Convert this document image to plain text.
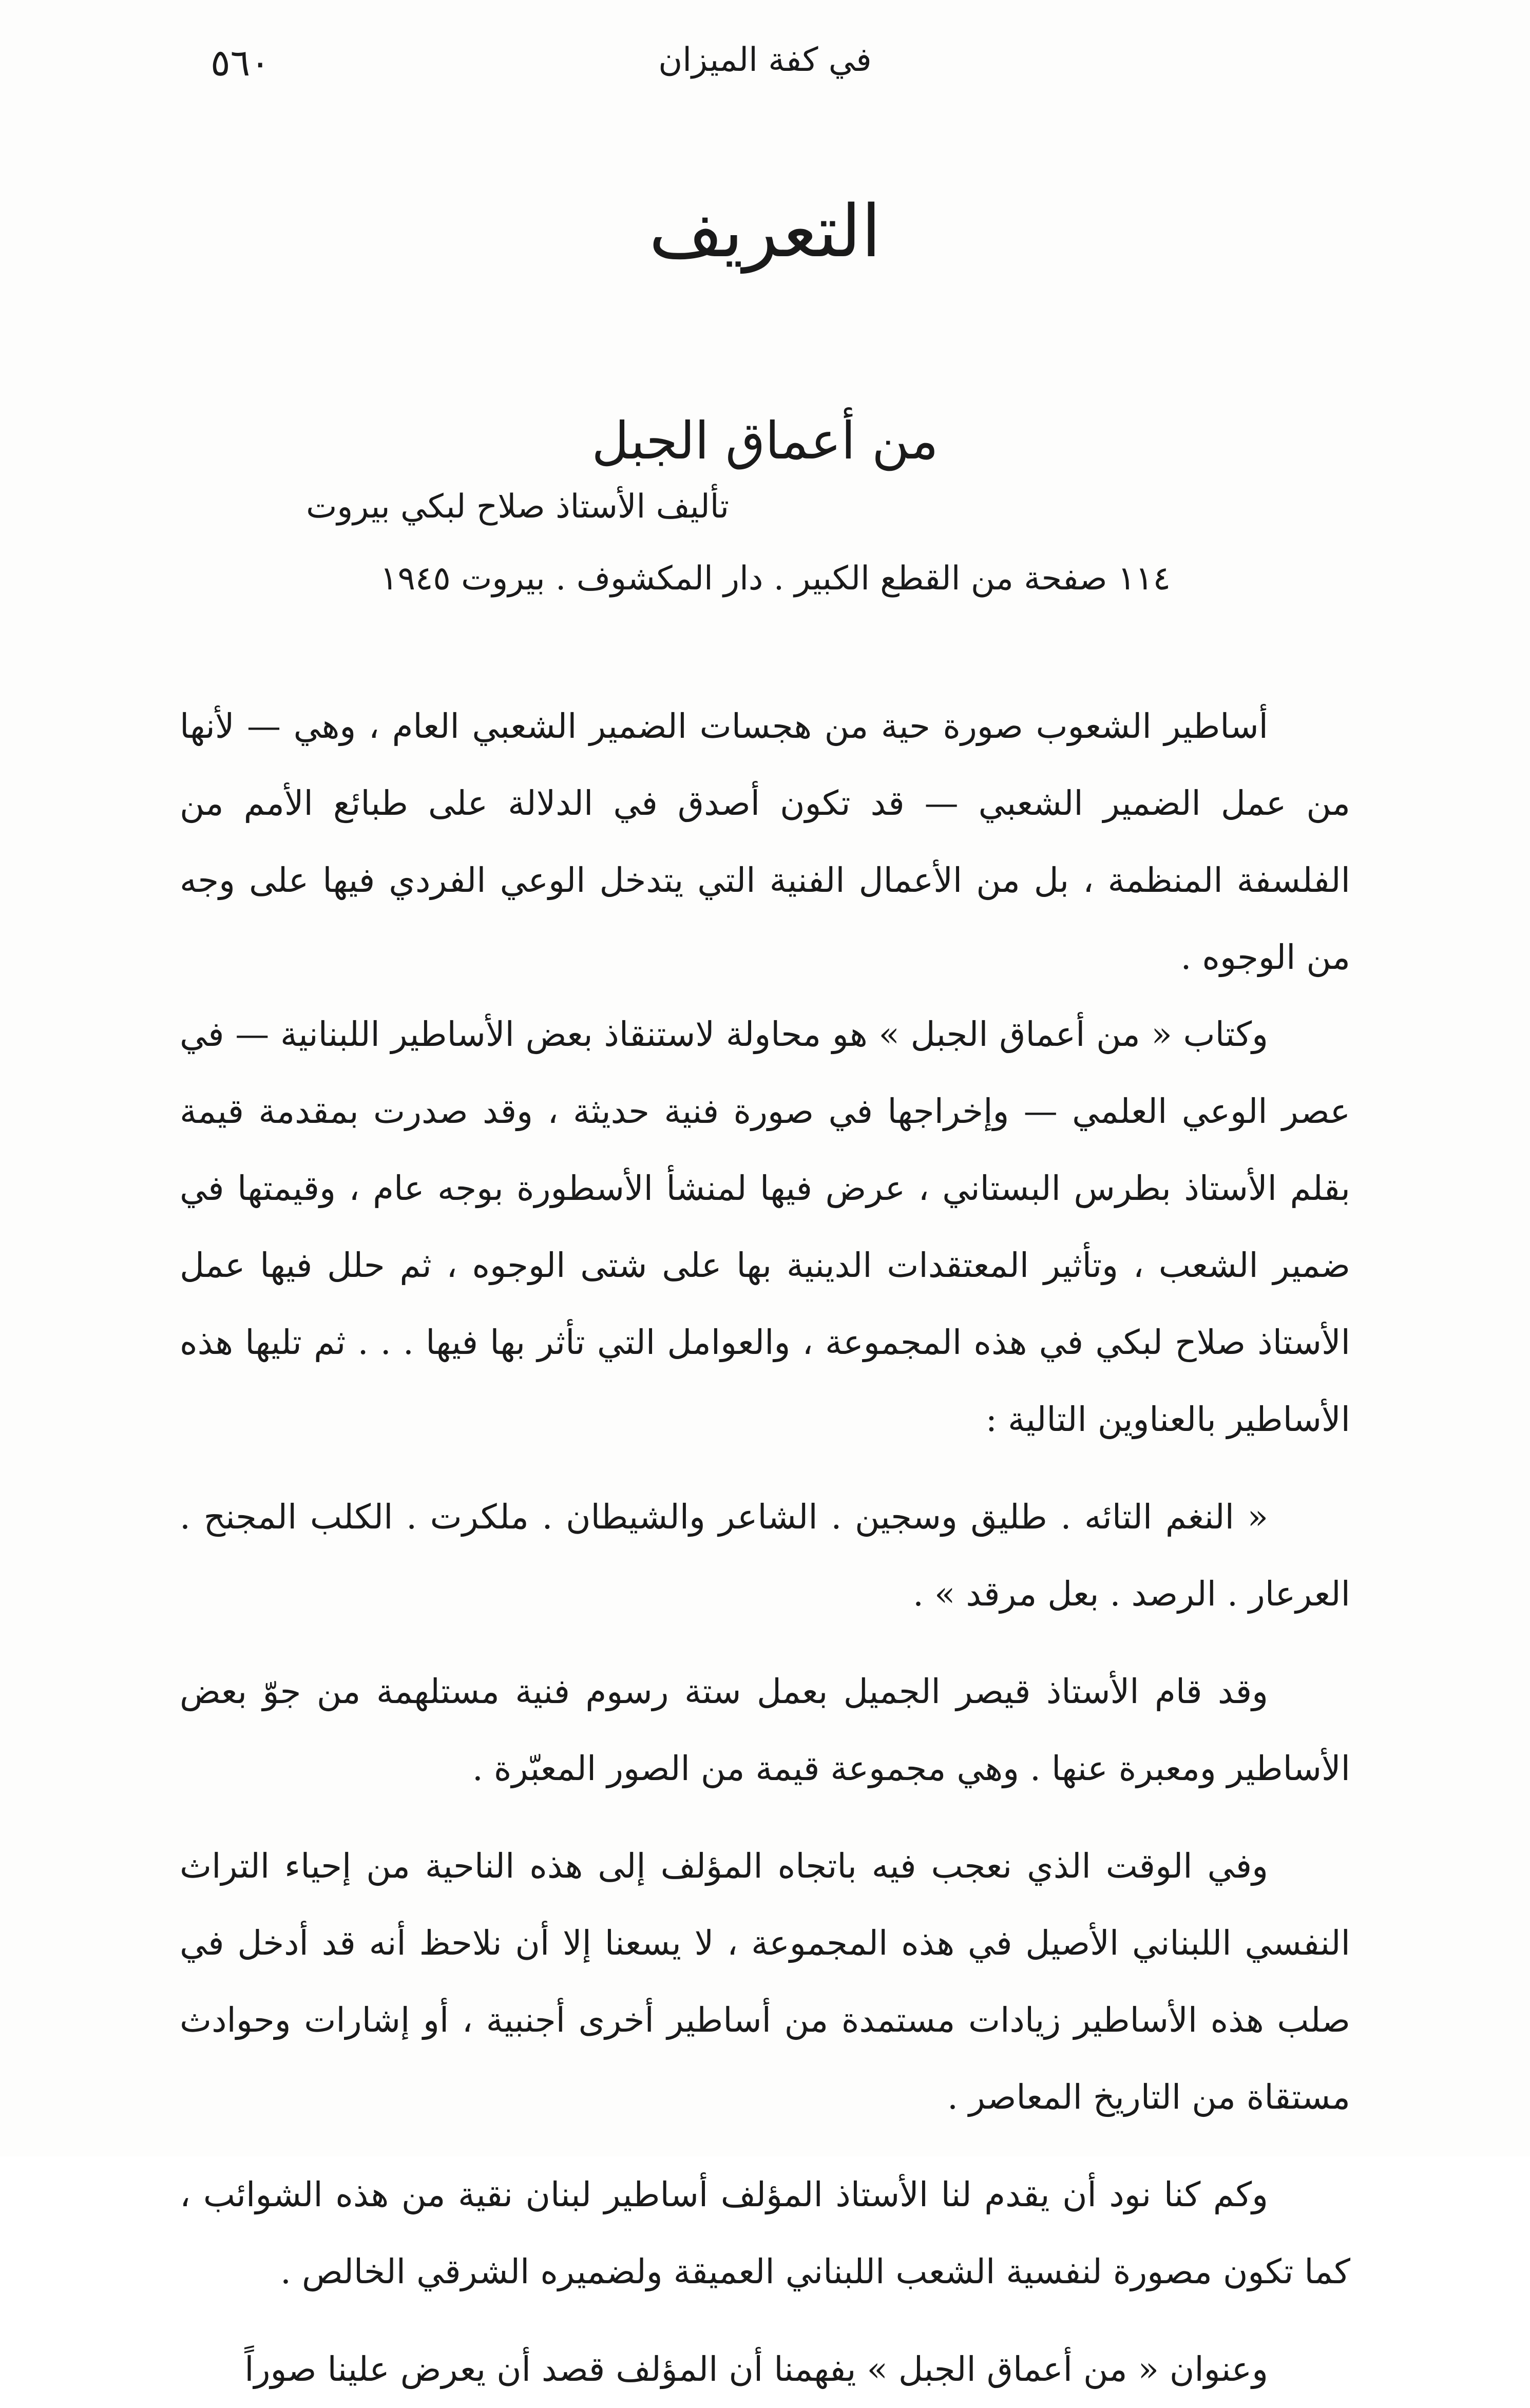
٥٦٠	في كفة الميزان
التعريف
من أعماق الجبل
تأليف الأستاذ صلاح لبكي بيروت
١١٤ صفحة من القطع الكبير . دار المكشوف . بيروت ١٩٤٥

أساطير الشعوب صورة حية من هجسات الضمير الشعبي العام ، وهي — لأنها من عمل الضمير الشعبي — قد تكون أصدق في الدلالة على طبائع الأمم من الفلسفة المنظمة ، بل من الأعمال الفنية التي يتدخل الوعي الفردي فيها على وجه من الوجوه .

وكتاب « من أعماق الجبل » هو محاولة لاستنقاذ بعض الأساطير اللبنانية — في عصر الوعي العلمي — وإخراجها في صورة فنية حديثة ، وقد صدرت بمقدمة قيمة بقلم الأستاذ بطرس البستاني ، عرض فيها لمنشأ الأسطورة بوجه عام ، وقيمتها في ضمير الشعب ، وتأثير المعتقدات الدينية بها على شتى الوجوه ، ثم حلل فيها عمل الأستاذ صلاح لبكي في هذه المجموعة ، والعوامل التي تأثر بها فيها . . . ثم تليها هذه الأساطير بالعناوين التالية :

« النغم التائه . طليق وسجين . الشاعر والشيطان . ملكرت . الكلب المجنح . العرعار . الرصد . بعل مرقد » .

وقد قام الأستاذ قيصر الجميل بعمل ستة رسوم فنية مستلهمة من جوّ بعض الأساطير ومعبرة عنها . وهي مجموعة قيمة من الصور المعبّرة .

وفي الوقت الذي نعجب فيه باتجاه المؤلف إلى هذه الناحية من إحياء التراث النفسي اللبناني الأصيل في هذه المجموعة ، لا يسعنا إلا أن نلاحظ أنه قد أدخل في صلب هذه الأساطير زيادات مستمدة من أساطير أخرى أجنبية ، أو إشارات وحوادث مستقاة من التاريخ المعاصر .

وكم كنا نود أن يقدم لنا الأستاذ المؤلف أساطير لبنان نقية من هذه الشوائب ، كما تكون مصورة لنفسية الشعب اللبناني العميقة ولضميره الشرقي الخالص .

وعنوان « من أعماق الجبل » يفهمنا أن المؤلف قصد أن يعرض علينا صوراً
